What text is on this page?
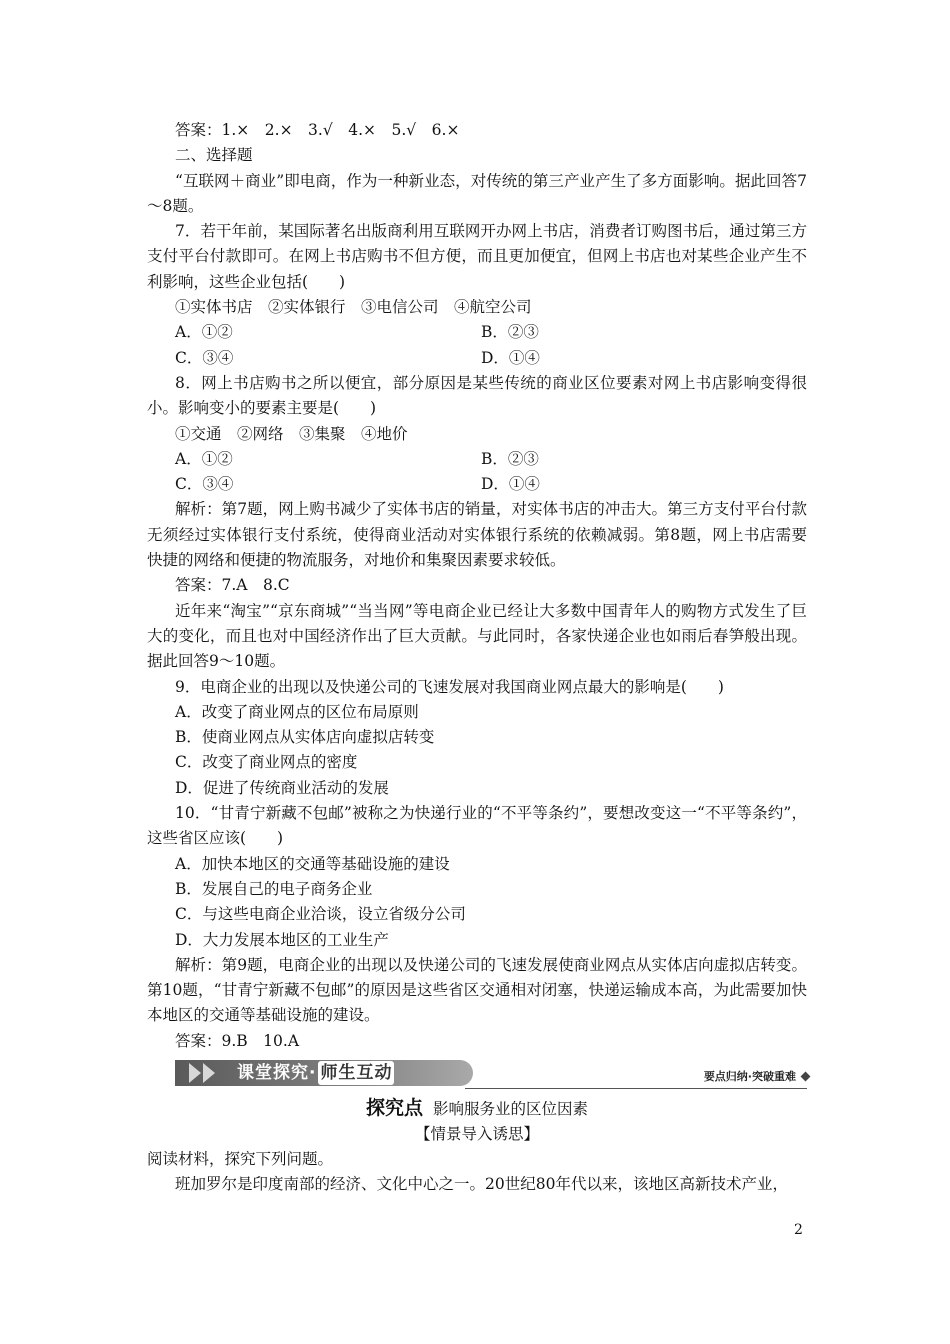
答案：1.×　2.×　3.√　4.×　5.√　6.×
二、选择题
“互联网＋商业”即电商，作为一种新业态，对传统的第三产业产生了多方面影响。据此回答7～8题。
7．若干年前，某国际著名出版商利用互联网开办网上书店，消费者订购图书后，通过第三方支付平台付款即可。在网上书店购书不但方便，而且更加便宜，但网上书店也对某些企业产生不利影响，这些企业包括(　　)
①实体书店　②实体银行　③电信公司　④航空公司
A．①②	B．②③
C．③④	D．①④
8．网上书店购书之所以便宜，部分原因是某些传统的商业区位要素对网上书店影响变得很小。影响变小的要素主要是(　　)
①交通　②网络　③集聚　④地价
A．①②	B．②③
C．③④	D．①④
解析：第7题，网上购书减少了实体书店的销量，对实体书店的冲击大。第三方支付平台付款无须经过实体银行支付系统，使得商业活动对实体银行系统的依赖减弱。第8题，网上书店需要快捷的网络和便捷的物流服务，对地价和集聚因素要求较低。
答案：7.A　8.C
近年来“淘宝”“京东商城”“当当网”等电商企业已经让大多数中国青年人的购物方式发生了巨大的变化，而且也对中国经济作出了巨大贡献。与此同时，各家快递企业也如雨后春笋般出现。据此回答9～10题。
9．电商企业的出现以及快递公司的飞速发展对我国商业网点最大的影响是(　　)
A．改变了商业网点的区位布局原则
B．使商业网点从实体店向虚拟店转变
C．改变了商业网点的密度
D．促进了传统商业活动的发展
10．“甘青宁新藏不包邮”被称之为快递行业的“不平等条约”，要想改变这一“不平等条约”，这些省区应该(　　)
A．加快本地区的交通等基础设施的建设
B．发展自己的电子商务企业
C．与这些电商企业洽谈，设立省级分公司
D．大力发展本地区的工业生产
解析：第9题，电商企业的出现以及快递公司的飞速发展使商业网点从实体店向虚拟店转变。第10题，“甘青宁新藏不包邮”的原因是这些省区交通相对闭塞，快递运输成本高，为此需要加快本地区的交通等基础设施的建设。
答案：9.B　10.A
课堂探究· 师生互动	要点归纳·突破重难
探究点 影响服务业的区位因素
【情景导入诱思】
阅读材料，探究下列问题。
班加罗尔是印度南部的经济、文化中心之一。20世纪80年代以来，该地区高新技术产业，
2
